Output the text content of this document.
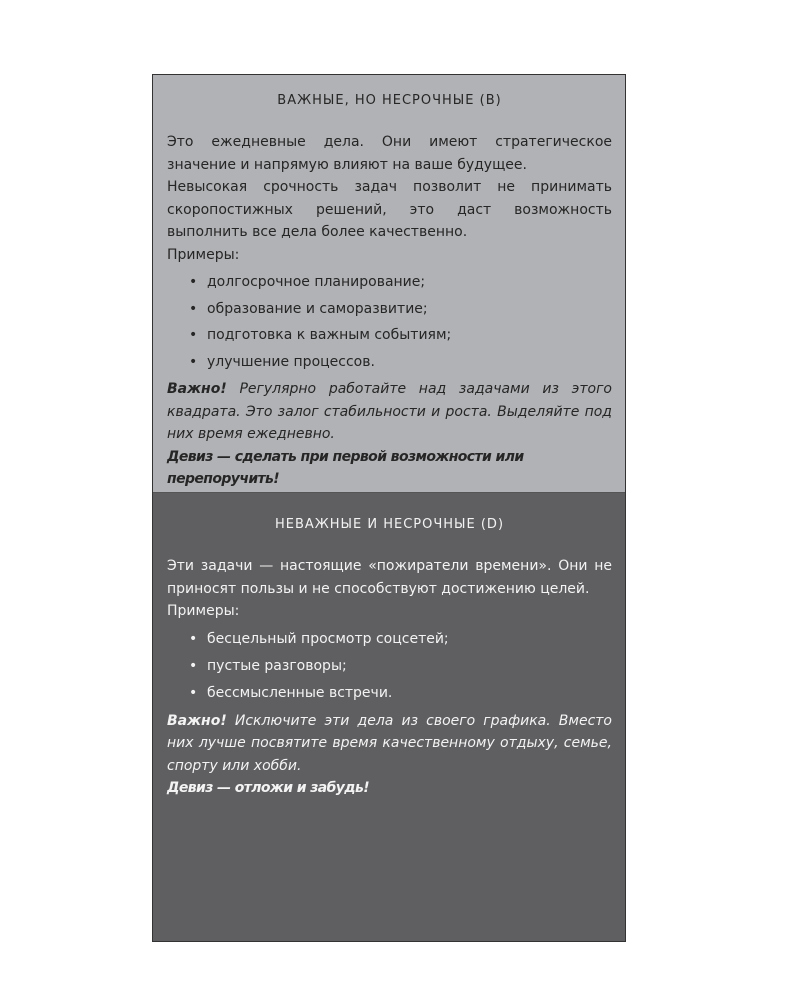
ВАЖНЫЕ, НО НЕСРОЧНЫЕ (B)

Это ежедневные дела. Они имеют стратегическое значение и напрямую влияют на ваше будущее.

Невысокая срочность задач позволит не принимать скоропостижных решений, это даст возможность выполнить все дела более качественно.

Примеры:

• долгосрочное планирование;
• образование и саморазвитие;
• подготовка к важным событиям;
• улучшение процессов.

Важно! Регулярно работайте над задачами из этого квадрата. Это залог стабильности и роста. Выделяйте под них время ежедневно.

Девиз — сделать при первой возможности или перепоручить!

НЕВАЖНЫЕ И НЕСРОЧНЫЕ (D)

Эти задачи — настоящие «пожиратели времени». Они не приносят пользы и не способствуют достижению целей.

Примеры:

• бесцельный просмотр соцсетей;
• пустые разговоры;
• бессмысленные встречи.

Важно! Исключите эти дела из своего графика. Вместо них лучше посвятите время качественному отдыху, семье, спорту или хобби.

Девиз — отложи и забудь!
